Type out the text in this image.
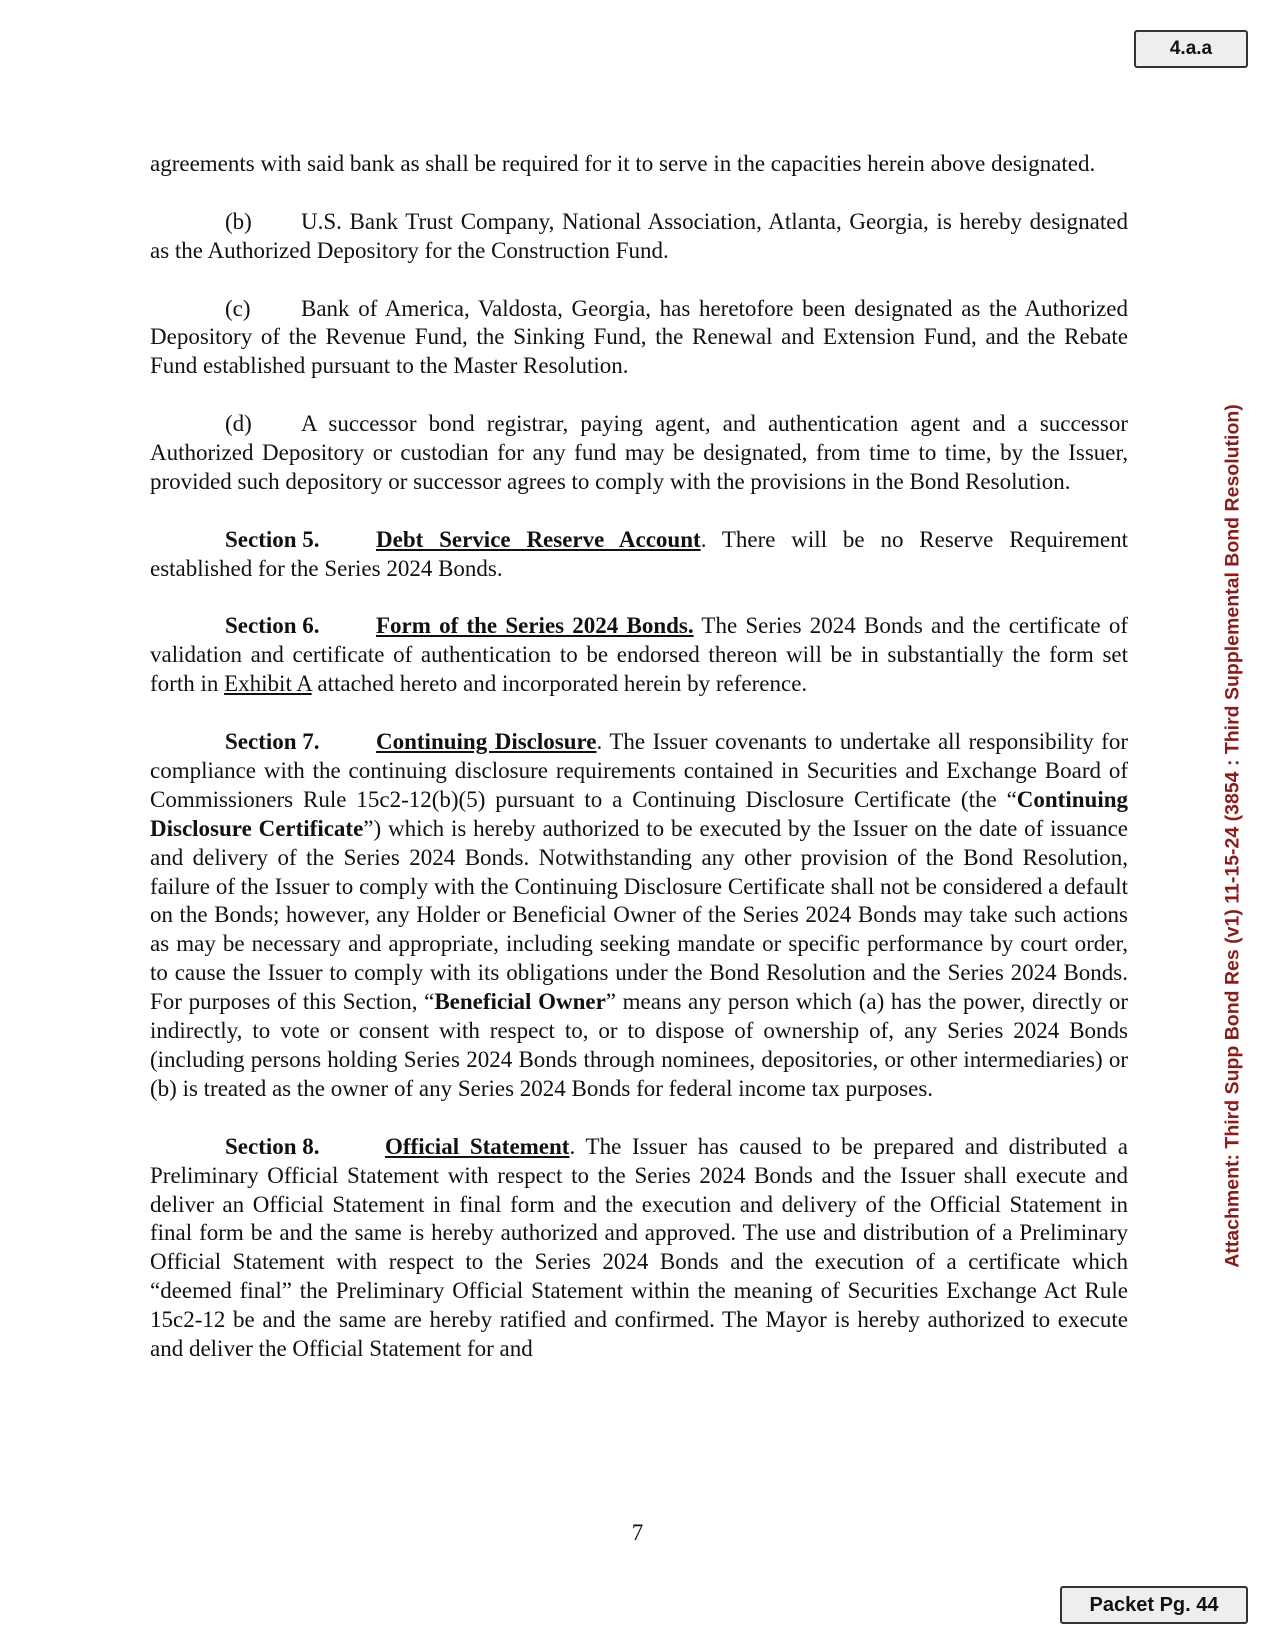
4.a.a
Attachment: Third Supp Bond Res (v1) 11-15-24 (3854 : Third Supplemental Bond Resolution)

agreements with said bank as shall be required for it to serve in the capacities herein above designated.

(b) U.S. Bank Trust Company, National Association, Atlanta, Georgia, is hereby designated as the Authorized Depository for the Construction Fund.

(c) Bank of America, Valdosta, Georgia, has heretofore been designated as the Authorized Depository of the Revenue Fund, the Sinking Fund, the Renewal and Extension Fund, and the Rebate Fund established pursuant to the Master Resolution.

(d) A successor bond registrar, paying agent, and authentication agent and a successor Authorized Depository or custodian for any fund may be designated, from time to time, by the Issuer, provided such depository or successor agrees to comply with the provisions in the Bond Resolution.

Section 5. Debt Service Reserve Account. There will be no Reserve Requirement established for the Series 2024 Bonds.

Section 6. Form of the Series 2024 Bonds. The Series 2024 Bonds and the certificate of validation and certificate of authentication to be endorsed thereon will be in substantially the form set forth in Exhibit A attached hereto and incorporated herein by reference.

Section 7. Continuing Disclosure. The Issuer covenants to undertake all responsibility for compliance with the continuing disclosure requirements contained in Securities and Exchange Board of Commissioners Rule 15c2-12(b)(5) pursuant to a Continuing Disclosure Certificate (the “Continuing Disclosure Certificate”) which is hereby authorized to be executed by the Issuer on the date of issuance and delivery of the Series 2024 Bonds. Notwithstanding any other provision of the Bond Resolution, failure of the Issuer to comply with the Continuing Disclosure Certificate shall not be considered a default on the Bonds; however, any Holder or Beneficial Owner of the Series 2024 Bonds may take such actions as may be necessary and appropriate, including seeking mandate or specific performance by court order, to cause the Issuer to comply with its obligations under the Bond Resolution and the Series 2024 Bonds. For purposes of this Section, “Beneficial Owner” means any person which (a) has the power, directly or indirectly, to vote or consent with respect to, or to dispose of ownership of, any Series 2024 Bonds (including persons holding Series 2024 Bonds through nominees, depositories, or other intermediaries) or (b) is treated as the owner of any Series 2024 Bonds for federal income tax purposes.

Section 8.	Official Statement. The Issuer has caused to be prepared and distributed a Preliminary Official Statement with respect to the Series 2024 Bonds and the Issuer shall execute and deliver an Official Statement in final form and the execution and delivery of the Official Statement in final form be and the same is hereby authorized and approved. The use and distribution of a Preliminary Official Statement with respect to the Series 2024 Bonds and the execution of a certificate which “deemed final” the Preliminary Official Statement within the meaning of Securities Exchange Act Rule 15c2-12 be and the same are hereby ratified and confirmed. The Mayor is hereby authorized to execute and deliver the Official Statement for and

7
Packet Pg. 44
